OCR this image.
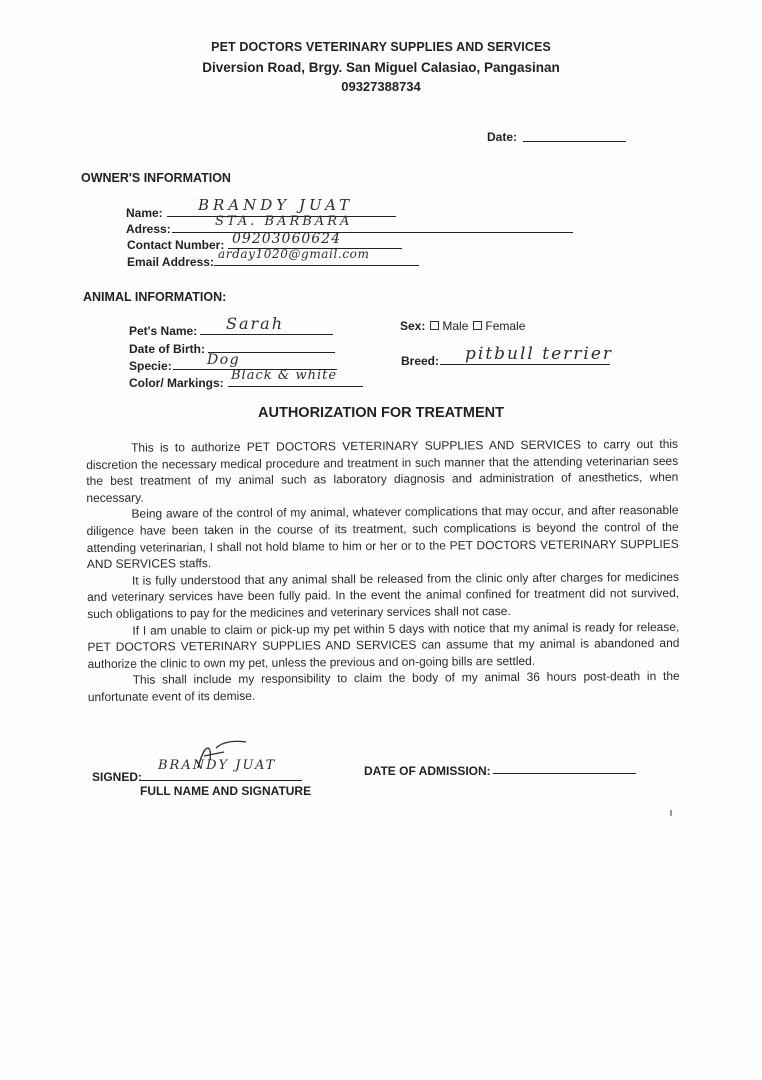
PET DOCTORS VETERINARY SUPPLIES AND SERVICES
Diversion Road, Brgy. San Miguel Calasiao, Pangasinan
09327388734
Date:
OWNER'S INFORMATION
Name: BRANDY JUAT
Adress:	STA. BARBARA
Contact Number: 09203060624
Email Address:
arday1020@gmail.com
ANIMAL INFORMATION:
Pet's Name: Sarah
Date of Birth:
Specie:	Dog
Color/ Markings: Black & white
Sex: Male Female
Breed: pitbull terrier
AUTHORIZATION FOR TREATMENT

This is to authorize PET DOCTORS VETERINARY SUPPLIES AND SERVICES to carry out this discretion the necessary medical procedure and treatment in such manner that the attending veterinarian sees the best treatment of my animal such as laboratory diagnosis and administration of anesthetics, when necessary.

Being aware of the control of my animal, whatever complications that may occur, and after reasonable diligence have been taken in the course of its treatment, such complications is beyond the control of the attending veterinarian, I shall not hold blame to him or her or to the PET DOCTORS VETERINARY SUPPLIES AND SERVICES staffs.

It is fully understood that any animal shall be released from the clinic only after charges for medicines and veterinary services have been fully paid. In the event the animal confined for treatment did not survived, such obligations to pay for the medicines and veterinary services shall not case.

If I am unable to claim or pick-up my pet within 5 days with notice that my animal is ready for release, PET DOCTORS VETERINARY SUPPLIES AND SERVICES can assume that my animal is abandoned and authorize the clinic to own my pet, unless the previous and on-going bills are settled.

This shall include my responsibility to claim the body of my animal 36 hours post-death in the unfortunate event of its demise.

SIGNED:
BRANDY JUAT
FULL NAME AND SIGNATURE
DATE OF ADMISSION:
